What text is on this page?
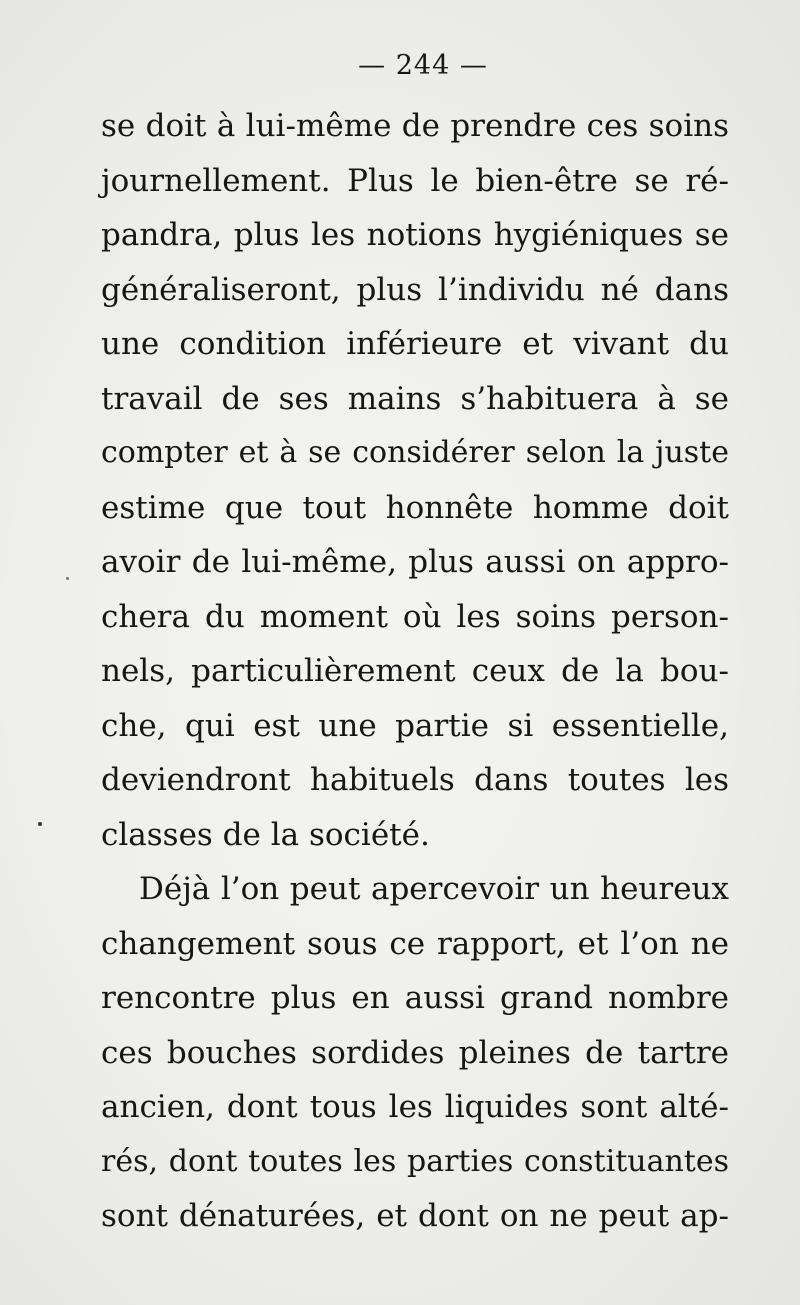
— 244 —
se doit à lui-même de prendre ces soins
journellement. Plus le bien-être se ré-
pandra, plus les notions hygiéniques se
généraliseront, plus l’individu né dans
une condition inférieure et vivant du
travail de ses mains s’habituera à se
compter et à se considérer selon la juste
estime que tout honnête homme doit
avoir de lui-même, plus aussi on appro-
chera du moment où les soins person-
nels, particulièrement ceux de la bou-
che, qui est une partie si essentielle,
deviendront habituels dans toutes les
classes de la société.
Déjà l’on peut apercevoir un heureux
changement sous ce rapport, et l’on ne
rencontre plus en aussi grand nombre
ces bouches sordides pleines de tartre
ancien, dont tous les liquides sont alté-
rés, dont toutes les parties constituantes
sont dénaturées, et dont on ne peut ap-
